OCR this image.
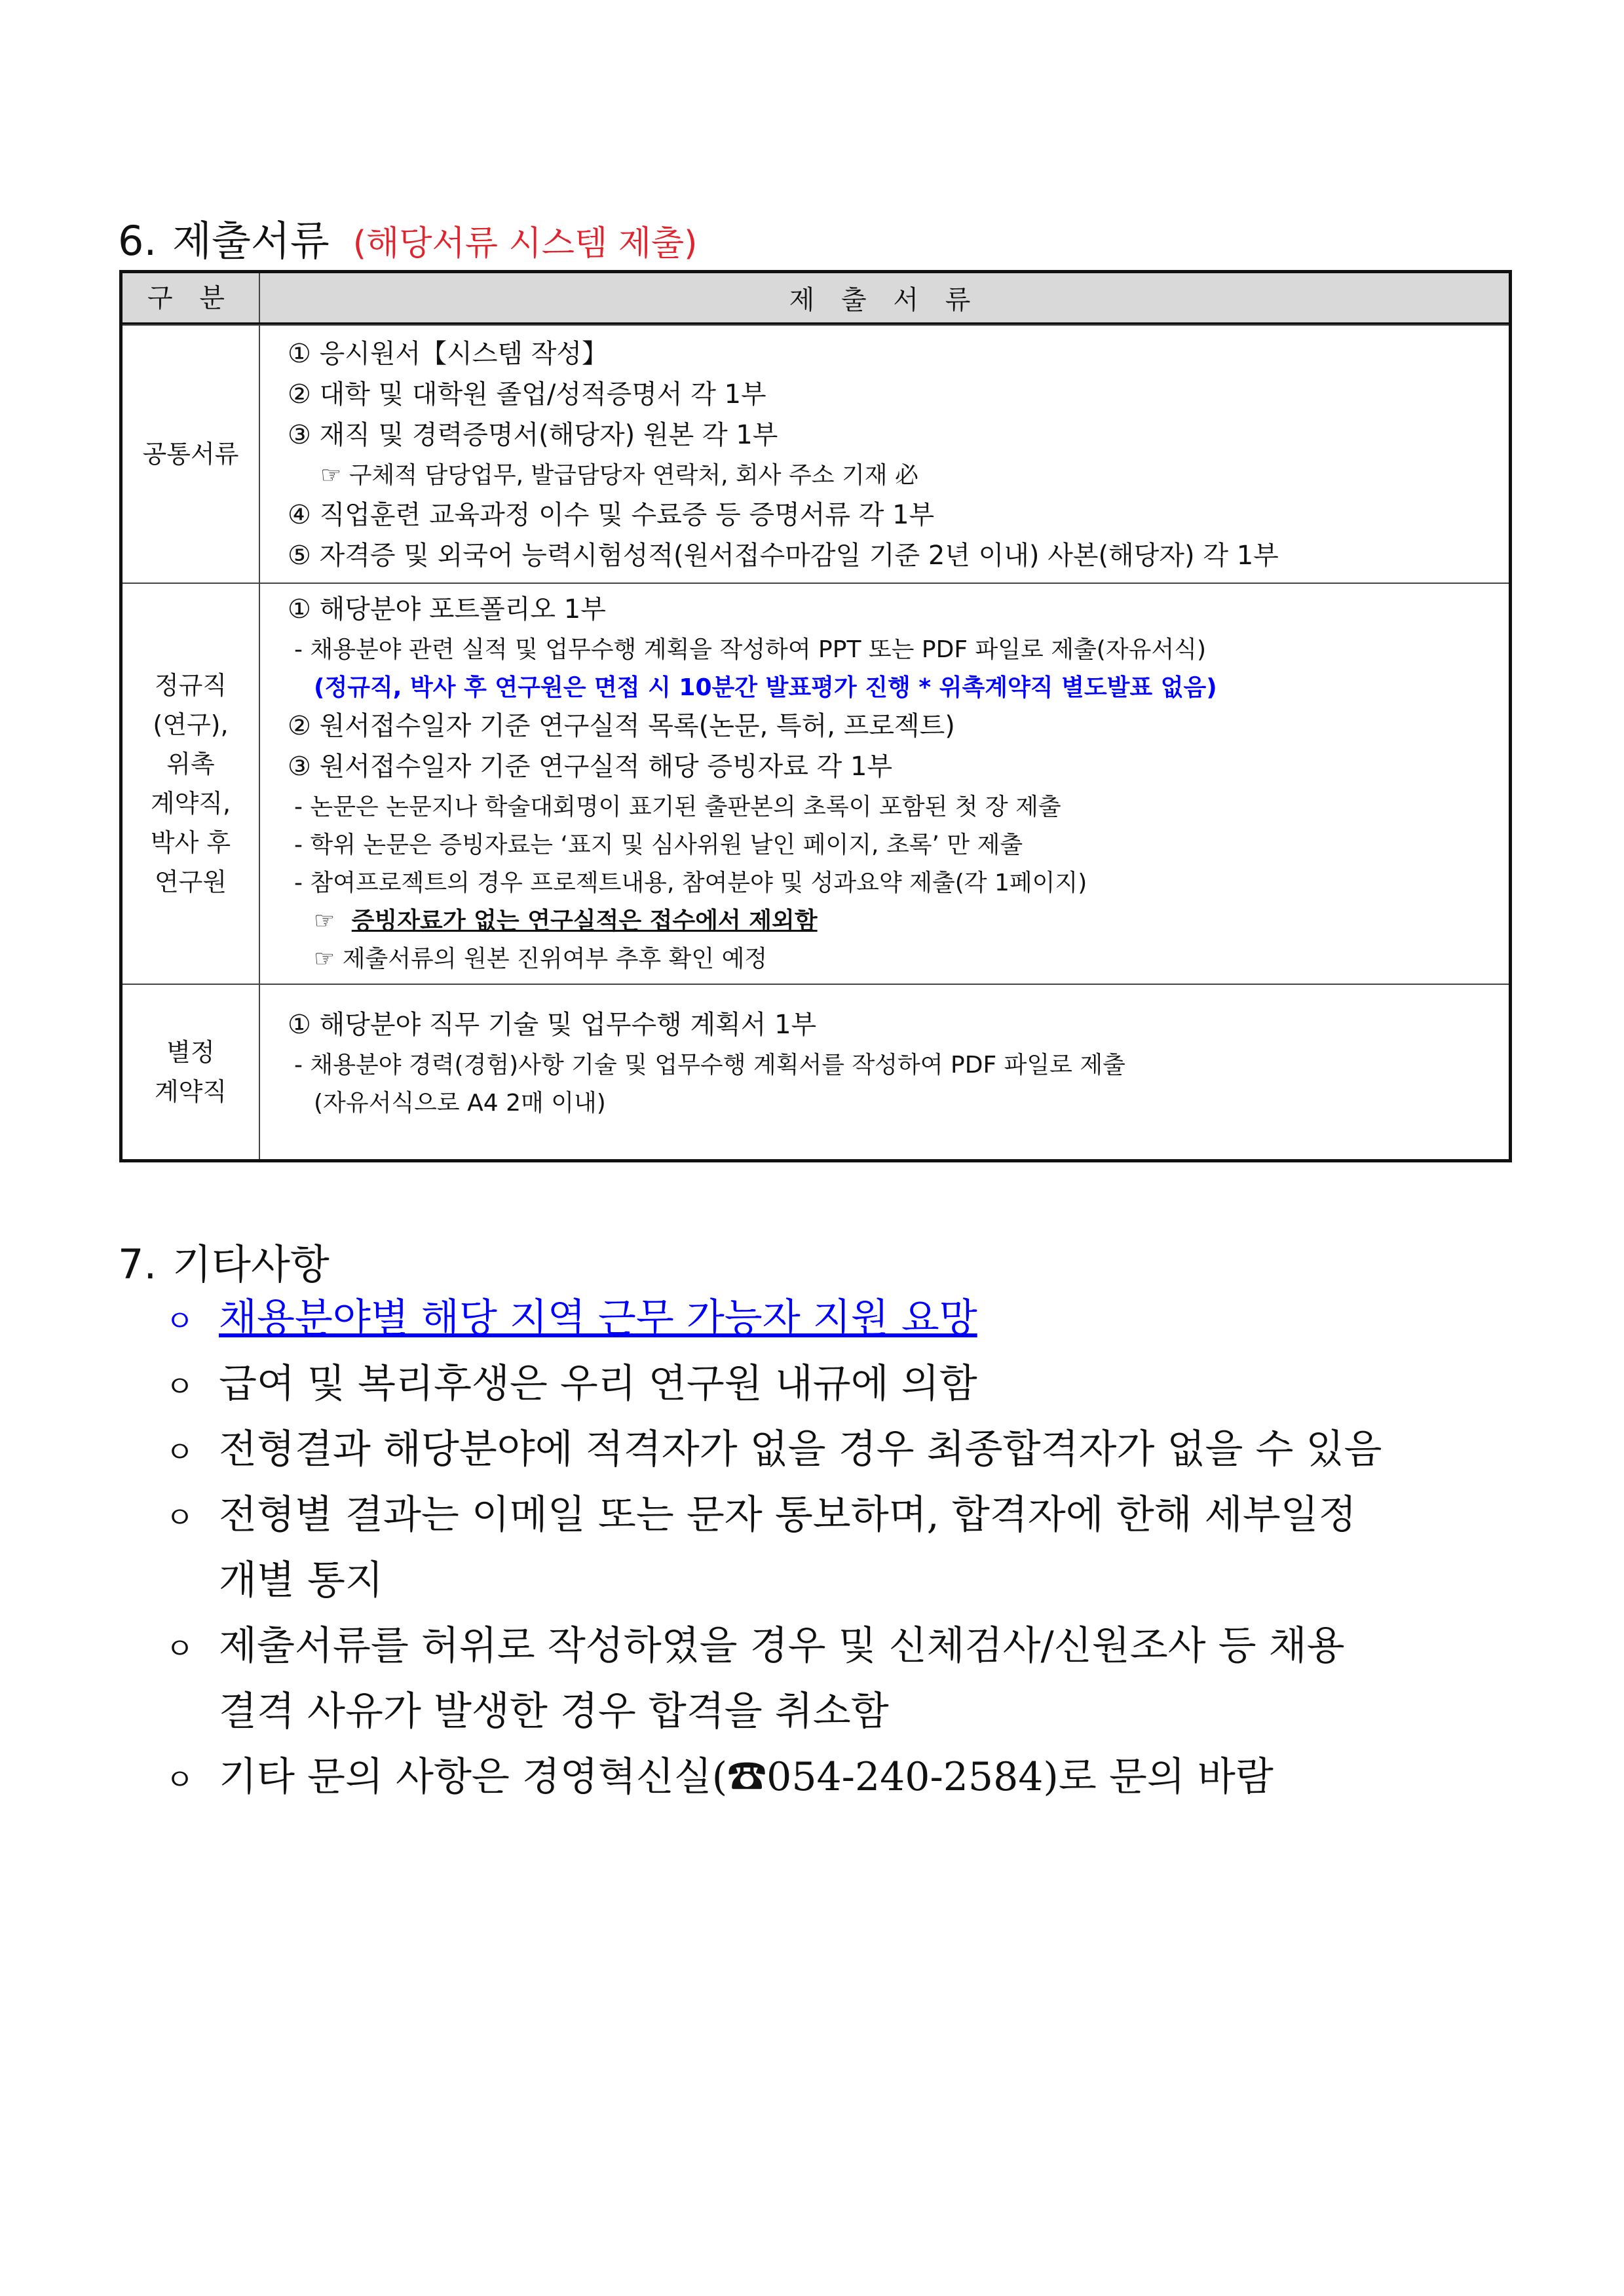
6. 제출서류 (해당서류 시스템 제출)
구 분	제 출 서 류
공통서류
① 응시원서【시스템 작성】
② 대학 및 대학원 졸업/성적증명서 각 1부
③ 재직 및 경력증명서(해당자) 원본 각 1부
☞ 구체적 담당업무, 발급담당자 연락처, 회사 주소 기재 必
④ 직업훈련 교육과정 이수 및 수료증 등 증명서류 각 1부
⑤ 자격증 및 외국어 능력시험성적(원서접수마감일 기준 2년 이내) 사본(해당자) 각 1부
정규직
(연구),
위촉
계약직,
박사 후
연구원
① 해당분야 포트폴리오 1부
- 채용분야 관련 실적 및 업무수행 계획을 작성하여 PPT 또는 PDF 파일로 제출(자유서식)
(정규직, 박사 후 연구원은 면접 시 10분간 발표평가 진행 * 위촉계약직 별도발표 없음)
② 원서접수일자 기준 연구실적 목록(논문, 특허, 프로젝트)
③ 원서접수일자 기준 연구실적 해당 증빙자료 각 1부
- 논문은 논문지나 학술대회명이 표기된 출판본의 초록이 포함된 첫 장 제출
- 학위 논문은 증빙자료는 ‘표지 및 심사위원 날인 페이지, 초록’ 만 제출
- 참여프로젝트의 경우 프로젝트내용, 참여분야 및 성과요약 제출(각 1페이지)
☞ 증빙자료가 없는 연구실적은 접수에서 제외함
☞ 제출서류의 원본 진위여부 추후 확인 예정
별정
계약직
① 해당분야 직무 기술 및 업무수행 계획서 1부
- 채용분야 경력(경험)사항 기술 및 업무수행 계획서를 작성하여 PDF 파일로 제출
(자유서식으로 A4 2매 이내)
7. 기타사항
ㅇ 채용분야별 해당 지역 근무 가능자 지원 요망
ㅇ 급여 및 복리후생은 우리 연구원 내규에 의함
ㅇ 전형결과 해당분야에 적격자가 없을 경우 최종합격자가 없을 수 있음
ㅇ 전형별 결과는 이메일 또는 문자 통보하며, 합격자에 한해 세부일정
개별 통지
ㅇ 제출서류를 허위로 작성하였을 경우 및 신체검사/신원조사 등 채용
결격 사유가 발생한 경우 합격을 취소함
ㅇ 기타 문의 사항은 경영혁신실(☎054-240-2584)로 문의 바람
